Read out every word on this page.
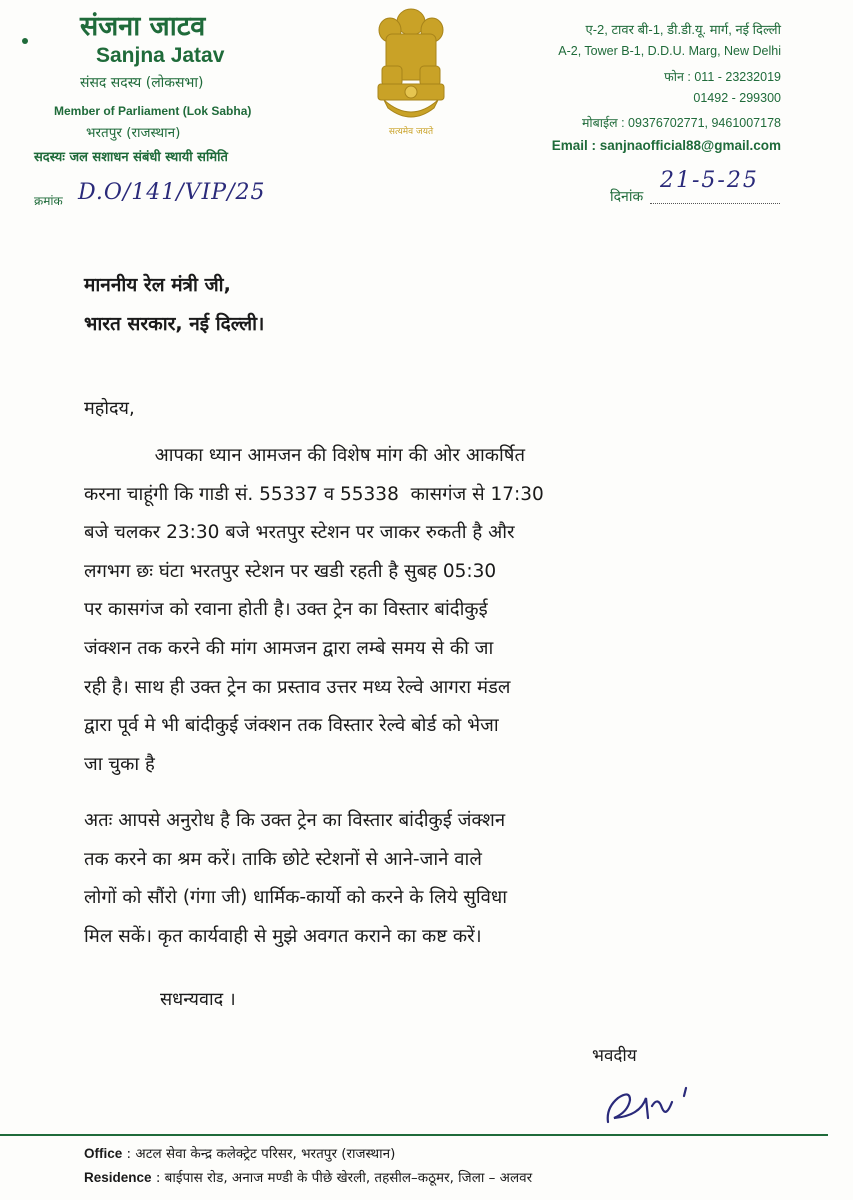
संजना जाटव
Sanjna Jatav
संसद सदस्य (लोकसभा)
Member of Parliament (Lok Sabha)
भरतपुर (राजस्थान)
सदस्यः जल सशाधन संबंधी स्थायी समिति
सत्यमेव जयते
ए-2, टावर बी-1, डी.डी.यू. मार्ग, नई दिल्ली
A-2, Tower B-1, D.D.U. Marg, New Delhi
फोन : 011 - 23232019
01492 - 299300
मोबाईल : 09376702771, 9461007178
Email : sanjnaofficial88@gmail.com
क्रमांक D.O/141/VIP/25	दिनांक
21-5-25
माननीय रेल मंत्री जी,
भारत सरकार, नई दिल्ली।
महोदय,
आपका ध्यान आमजन की विशेष मांग की ओर आकर्षित
करना चाहूंगी कि गाडी सं. 55337 व 55338  कासगंज से 17:30
बजे चलकर 23:30 बजे भरतपुर स्टेशन पर जाकर रुकती है और
लगभग छः घंटा भरतपुर स्टेशन पर खडी रहती है सुबह 05:30
पर कासगंज को रवाना होती है। उक्त ट्रेन का विस्तार बांदीकुई
जंक्शन तक करने की मांग आमजन द्वारा लम्बे समय से की जा
रही है। साथ ही उक्त ट्रेन का प्रस्ताव उत्तर मध्य रेल्वे आगरा मंडल
द्वारा पूर्व मे भी बांदीकुई जंक्शन तक विस्तार रेल्वे बोर्ड को भेजा
जा चुका है
अतः आपसे अनुरोध है कि उक्त ट्रेन का विस्तार बांदीकुई जंक्शन
तक करने का श्रम करें। ताकि छोटे स्टेशनों से आने-जाने वाले
लोगों को सौंरो (गंगा जी) धार्मिक-कार्यो को करने के लिये सुविधा
मिल सकें। कृत कार्यवाही से मुझे अवगत कराने का कष्ट करें।
सधन्यवाद ।
भवदीय
Office : अटल सेवा केन्द्र कलेक्ट्रेट परिसर, भरतपुर (राजस्थान)
Residence : बाईपास रोड, अनाज मण्डी के पीछे खेरली, तहसील–कठूमर, जिला – अलवर
